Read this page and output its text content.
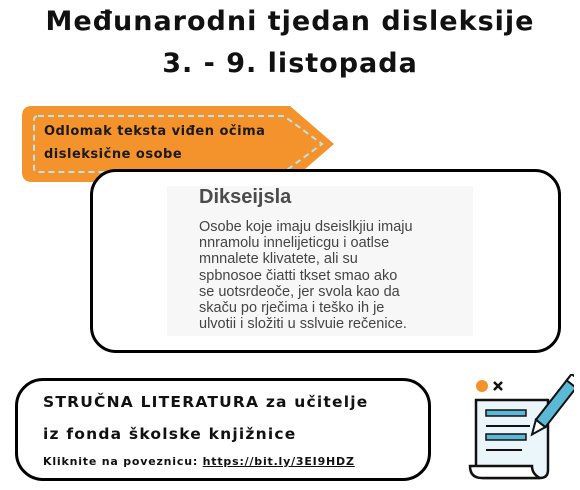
Međunarodni tjedan disleksije
3. - 9. listopada
Odlomak teksta viđen očima
disleksične osobe
Dikseijsla
Osobe koje imaju dseislkjiu imaju
nnramolu innelijeticgu i oatlse
mnnalete klivatete, ali su
spbnosoe čiatti tkset smao ako
se uotsrdeoče, jer svola kao da
skaču po rječima i teško ih je
ulvotii i složiti u sslvuie rečenice.
STRUČNA LITERATURA za učitelje
iz fonda školske knjižnice
Kliknite na poveznicu: https://bit.ly/3EI9HDZ
